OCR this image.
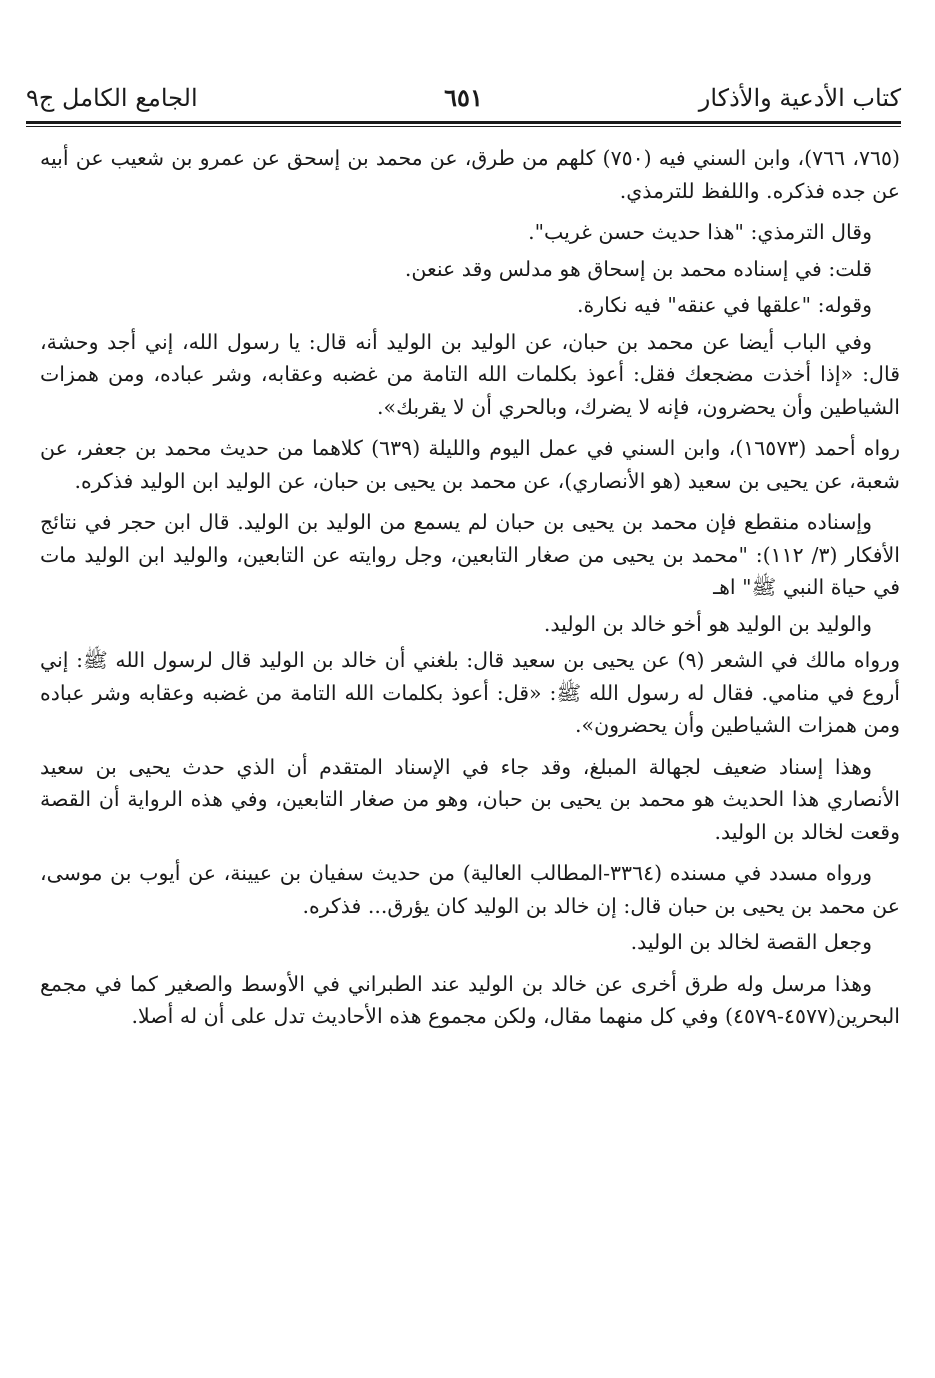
كتاب الأدعية والأذكار
٦٥١
الجامع الكامل ج٩

(٧٦٥، ٧٦٦)، وابن السني فيه (٧٥٠) كلهم من طرق، عن محمد بن إسحق عن عمرو بن شعيب عن أبيه عن جده فذكره. واللفظ للترمذي.

وقال الترمذي: "هذا حديث حسن غريب".

قلت: في إسناده محمد بن إسحاق هو مدلس وقد عنعن.

وقوله: "علقها في عنقه" فيه نكارة.

وفي الباب أيضا عن محمد بن حبان، عن الوليد بن الوليد أنه قال: يا رسول الله، إني أجد وحشة، قال: «إذا أخذت مضجعك فقل: أعوذ بكلمات الله التامة من غضبه وعقابه، وشر عباده، ومن همزات الشياطين وأن يحضرون، فإنه لا يضرك، وبالحري أن لا يقربك».

رواه أحمد (١٦٥٧٣)، وابن السني في عمل اليوم والليلة (٦٣٩) كلاهما من حديث محمد بن جعفر، عن شعبة، عن يحيى بن سعيد (هو الأنصاري)، عن محمد بن يحيى بن حبان، عن الوليد ابن الوليد فذكره.

وإسناده منقطع فإن محمد بن يحيى بن حبان لم يسمع من الوليد بن الوليد. قال ابن حجر في نتائج الأفكار (٣/ ١١٢): "محمد بن يحيى من صغار التابعين، وجل روايته عن التابعين، والوليد ابن الوليد مات في حياة النبي ﷺ" اهـ

والوليد بن الوليد هو أخو خالد بن الوليد.

ورواه مالك في الشعر (٩) عن يحيى بن سعيد قال: بلغني أن خالد بن الوليد قال لرسول الله ﷺ: إني أروع في منامي. فقال له رسول الله ﷺ: «قل: أعوذ بكلمات الله التامة من غضبه وعقابه وشر عباده ومن همزات الشياطين وأن يحضرون».

وهذا إسناد ضعيف لجهالة المبلغ، وقد جاء في الإسناد المتقدم أن الذي حدث يحيى بن سعيد الأنصاري هذا الحديث هو محمد بن يحيى بن حبان، وهو من صغار التابعين، وفي هذه الرواية أن القصة وقعت لخالد بن الوليد.

ورواه مسدد في مسنده (٣٣٦٤-المطالب العالية) من حديث سفيان بن عيينة، عن أيوب بن موسى، عن محمد بن يحيى بن حبان قال: إن خالد بن الوليد كان يؤرق... فذكره.

وجعل القصة لخالد بن الوليد.

وهذا مرسل وله طرق أخرى عن خالد بن الوليد عند الطبراني في الأوسط والصغير كما في مجمع البحرين(٤٥٧٧-٤٥٧٩) وفي كل منهما مقال، ولكن مجموع هذه الأحاديث تدل على أن له أصلا.
